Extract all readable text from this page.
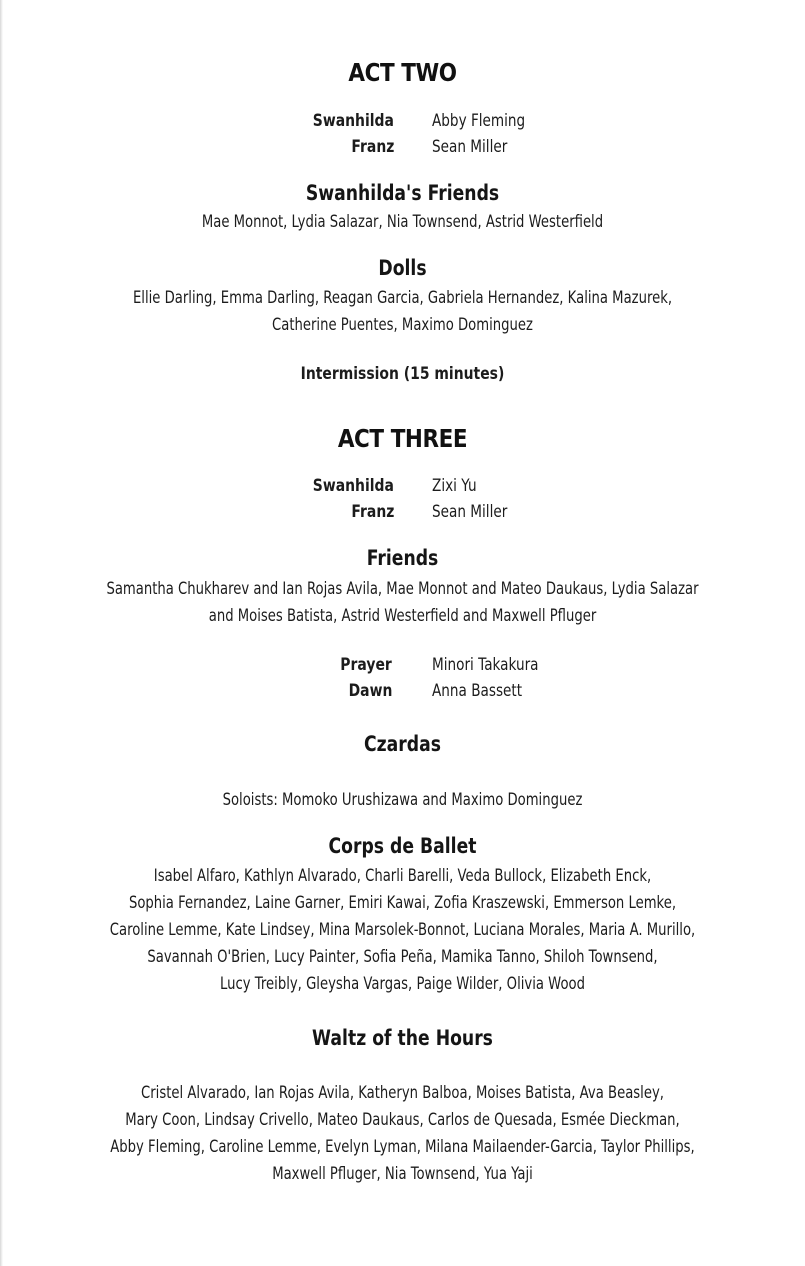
ACT TWO
Swanhilda Abby Fleming
Franz Sean Miller
Swanhilda's Friends
Mae Monnot, Lydia Salazar, Nia Townsend, Astrid Westerfield
Dolls
Ellie Darling, Emma Darling, Reagan Garcia, Gabriela Hernandez, Kalina Mazurek,
Catherine Puentes, Maximo Dominguez
Intermission (15 minutes)
ACT THREE
Swanhilda Zixi Yu
Franz Sean Miller
Friends
Samantha Chukharev and Ian Rojas Avila, Mae Monnot and Mateo Daukaus, Lydia Salazar
and Moises Batista, Astrid Westerfield and Maxwell Pfluger
Prayer Minori Takakura
Dawn Anna Bassett
Czardas
Soloists: Momoko Urushizawa and Maximo Dominguez
Corps de Ballet
Isabel Alfaro, Kathlyn Alvarado, Charli Barelli, Veda Bullock, Elizabeth Enck,
Sophia Fernandez, Laine Garner, Emiri Kawai, Zofia Kraszewski, Emmerson Lemke,
Caroline Lemme, Kate Lindsey, Mina Marsolek-Bonnot, Luciana Morales, Maria A. Murillo,
Savannah O'Brien, Lucy Painter, Sofia Peña, Mamika Tanno, Shiloh Townsend,
Lucy Treibly, Gleysha Vargas, Paige Wilder, Olivia Wood
Waltz of the Hours
Cristel Alvarado, Ian Rojas Avila, Katheryn Balboa, Moises Batista, Ava Beasley,
Mary Coon, Lindsay Crivello, Mateo Daukaus, Carlos de Quesada, Esmée Dieckman,
Abby Fleming, Caroline Lemme, Evelyn Lyman, Milana Mailaender-Garcia, Taylor Phillips,
Maxwell Pfluger, Nia Townsend, Yua Yaji
